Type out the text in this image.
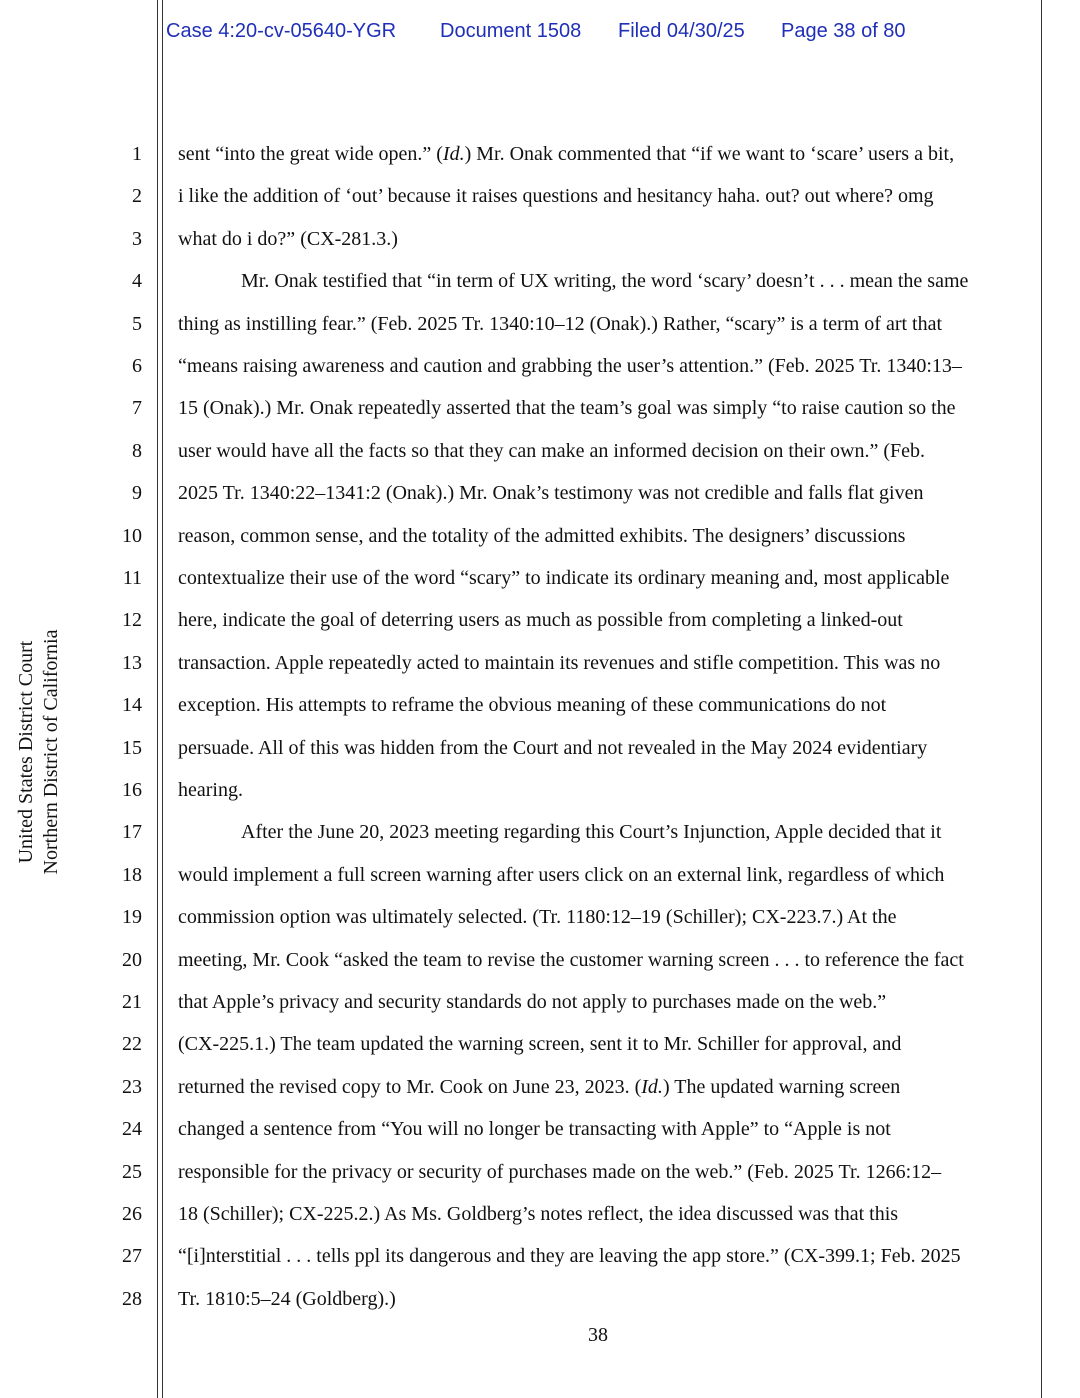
Case 4:20-cv-05640-YGR Document 1508 Filed 04/30/25 Page 38 of 80
United States District Court Northern District of California
1 sent “into the great wide open.” (Id.) Mr. Onak commented that “if we want to ‘scare’ users a bit,
2 i like the addition of ‘out’ because it raises questions and hesitancy haha. out? out where? omg
3 what do i do?” (CX-281.3.)
4	Mr. Onak testified that “in term of UX writing, the word ‘scary’ doesn’t . . . mean the same
5 thing as instilling fear.” (Feb. 2025 Tr. 1340:10–12 (Onak).) Rather, “scary” is a term of art that
6 “means raising awareness and caution and grabbing the user’s attention.” (Feb. 2025 Tr. 1340:13–
7 15 (Onak).) Mr. Onak repeatedly asserted that the team’s goal was simply “to raise caution so the
8 user would have all the facts so that they can make an informed decision on their own.” (Feb.
9 2025 Tr. 1340:22–1341:2 (Onak).) Mr. Onak’s testimony was not credible and falls flat given
10 reason, common sense, and the totality of the admitted exhibits. The designers’ discussions
11 contextualize their use of the word “scary” to indicate its ordinary meaning and, most applicable
12 here, indicate the goal of deterring users as much as possible from completing a linked-out
13 transaction. Apple repeatedly acted to maintain its revenues and stifle competition. This was no
14 exception. His attempts to reframe the obvious meaning of these communications do not
15 persuade. All of this was hidden from the Court and not revealed in the May 2024 evidentiary
16 hearing.
17	After the June 20, 2023 meeting regarding this Court’s Injunction, Apple decided that it
18 would implement a full screen warning after users click on an external link, regardless of which
19 commission option was ultimately selected. (Tr. 1180:12–19 (Schiller); CX-223.7.) At the
20 meeting, Mr. Cook “asked the team to revise the customer warning screen . . . to reference the fact
21 that Apple’s privacy and security standards do not apply to purchases made on the web.”
22 (CX-225.1.) The team updated the warning screen, sent it to Mr. Schiller for approval, and
23 returned the revised copy to Mr. Cook on June 23, 2023. (Id.) The updated warning screen
24 changed a sentence from “You will no longer be transacting with Apple” to “Apple is not
25 responsible for the privacy or security of purchases made on the web.” (Feb. 2025 Tr. 1266:12–
26 18 (Schiller); CX-225.2.) As Ms. Goldberg’s notes reflect, the idea discussed was that this
27 “[i]nterstitial . . . tells ppl its dangerous and they are leaving the app store.” (CX-399.1; Feb. 2025
28 Tr. 1810:5–24 (Goldberg).)
38
